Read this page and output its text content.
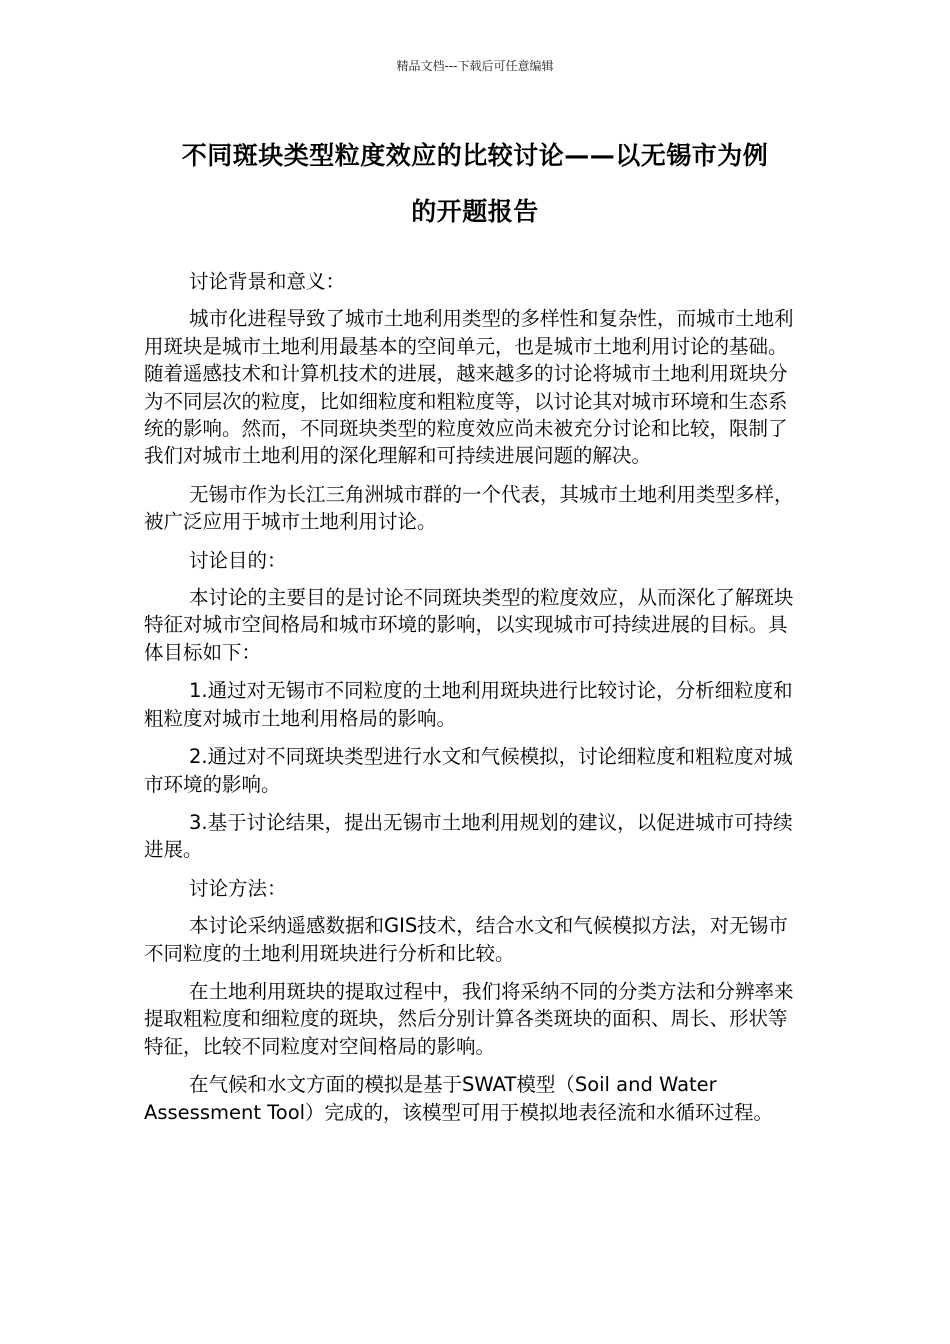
精品文档---下载后可任意编辑
不同斑块类型粒度效应的比较讨论——以无锡市为例
的开题报告

讨论背景和意义：

城市化进程导致了城市土地利用类型的多样性和复杂性，而城市土地利用斑块是城市土地利用最基本的空间单元，也是城市土地利用讨论的基础。随着遥感技术和计算机技术的进展，越来越多的讨论将城市土地利用斑块分为不同层次的粒度，比如细粒度和粗粒度等，以讨论其对城市环境和生态系统的影响。然而，不同斑块类型的粒度效应尚未被充分讨论和比较，限制了我们对城市土地利用的深化理解和可持续进展问题的解决。

无锡市作为长江三角洲城市群的一个代表，其城市土地利用类型多样，被广泛应用于城市土地利用讨论。

讨论目的：

本讨论的主要目的是讨论不同斑块类型的粒度效应，从而深化了解斑块特征对城市空间格局和城市环境的影响，以实现城市可持续进展的目标。具体目标如下：

1.通过对无锡市不同粒度的土地利用斑块进行比较讨论，分析细粒度和粗粒度对城市土地利用格局的影响。

2.通过对不同斑块类型进行水文和气候模拟，讨论细粒度和粗粒度对城市环境的影响。

3.基于讨论结果，提出无锡市土地利用规划的建议，以促进城市可持续进展。

讨论方法：

本讨论采纳遥感数据和GIS技术，结合水文和气候模拟方法，对无锡市不同粒度的土地利用斑块进行分析和比较。

在土地利用斑块的提取过程中，我们将采纳不同的分类方法和分辨率来提取粗粒度和细粒度的斑块，然后分别计算各类斑块的面积、周长、形状等特征，比较不同粒度对空间格局的影响。

在气候和水文方面的模拟是基于SWAT模型（Soil and Water Assessment Tool）完成的，该模型可用于模拟地表径流和水循环过程。
